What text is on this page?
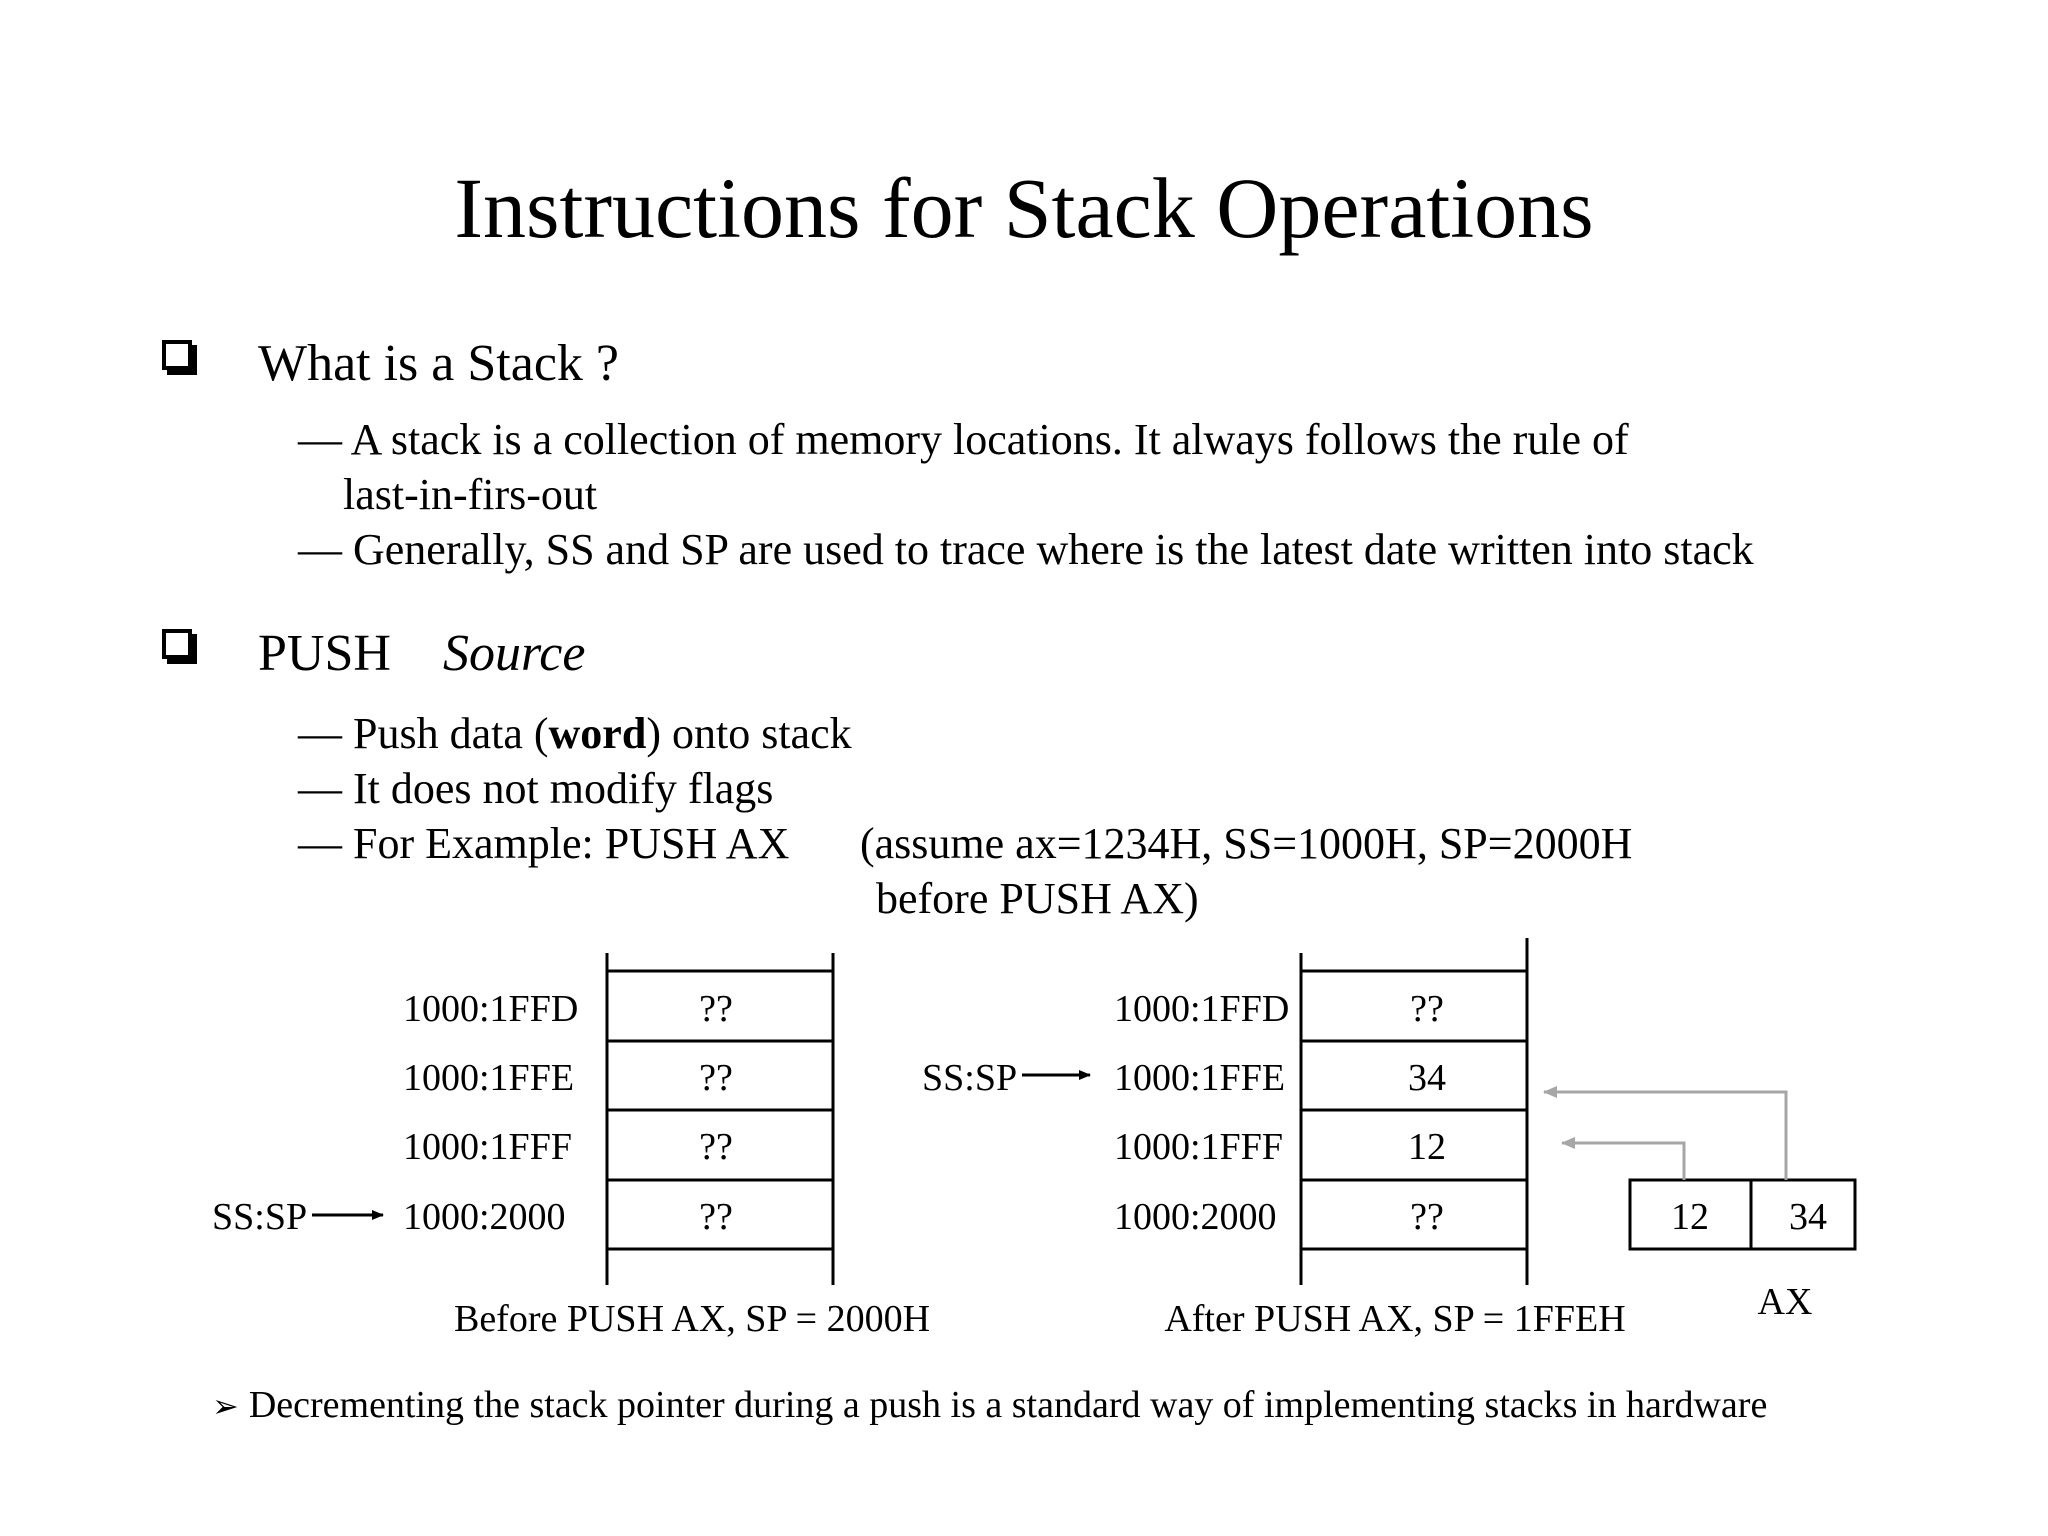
Instructions for Stack Operations
What is a Stack ?
— A stack is a collection of memory locations. It always follows the rule of
last-in-firs-out
— Generally, SS and SP are used to trace where is the latest date written into stack
PUSH Source
— Push data (word) onto stack
— It does not modify flags
— For Example: PUSH AX (assume ax=1234H, SS=1000H, SP=2000H
before PUSH AX)
1000:1FFD
1000:1FFE
1000:1FFF
1000:2000
??
??
??
??
SS:SP
Before PUSH AX, SP = 2000H
1000:1FFD
1000:1FFE
1000:1FFF
1000:2000
??
34
12
??
SS:SP
After PUSH AX, SP = 1FFEH
12 34
AX
➢ Decrementing the stack pointer during a push is a standard way of implementing stacks in hardware
